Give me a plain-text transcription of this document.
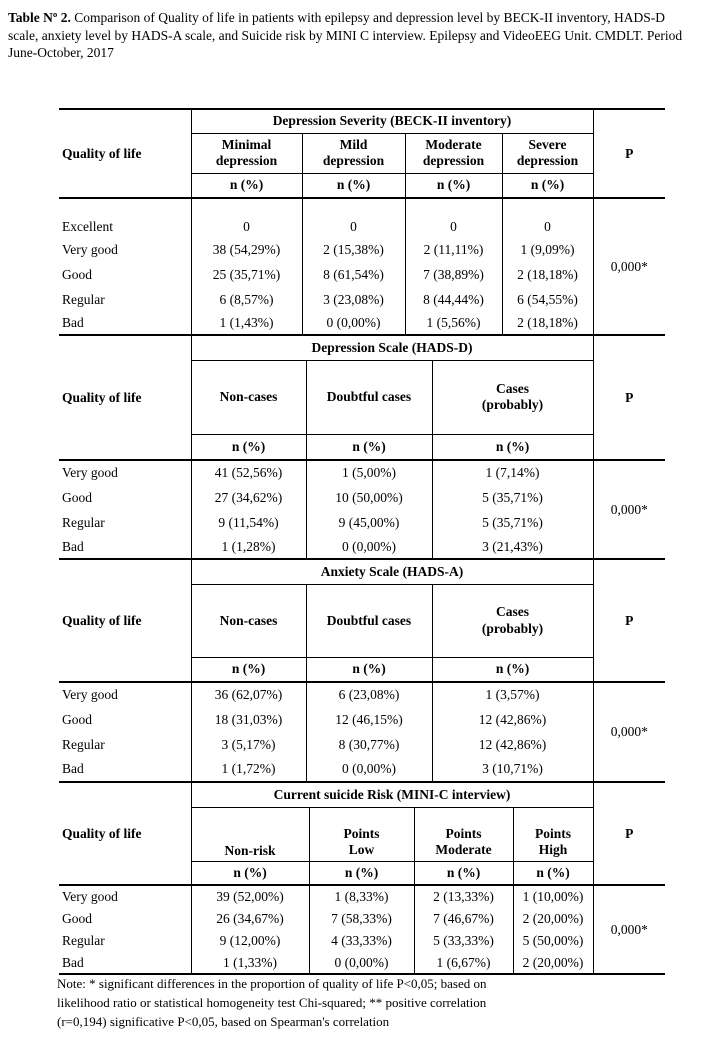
Table Nº 2. Comparison of Quality of life in patients with epilepsy and depression level by BECK-II inventory, HADS-D scale, anxiety level by HADS-A scale, and Suicide risk by MINI C interview. Epilepsy and VideoEEG Unit. CMDLT. Period June-October, 2017
Quality of life	Depression Severity (BECK-II inventory)				P
	Minimal depression	Mild depression	Moderate depression	Severe depression	
	n (%)	n (%)	n (%)	n (%)	
					0,000*
Excellent	0	0	0	0	
Very good	38 (54,29%)	2 (15,38%)	2 (11,11%)	1 (9,09%)	
Good	25 (35,71%)	8 (61,54%)	7 (38,89%)	2 (18,18%)	
Regular	6 (8,57%)	3 (23,08%)	8 (44,44%)	6 (54,55%)	
Bad	1 (1,43%)	0 (0,00%)	1 (5,56%)	2 (18,18%)	
Quality of life	Depression Scale (HADS-D)			P
	Non-cases	Doubtful cases	Cases (probably)	
	n (%)	n (%)	n (%)	
Very good	41 (52,56%)	1 (5,00%)	1 (7,14%)	0,000*
Good	27 (34,62%)	10 (50,00%)	5 (35,71%)	
Regular	9 (11,54%)	9 (45,00%)	5 (35,71%)	
Bad	1 (1,28%)	0 (0,00%)	3 (21,43%)	
Quality of life	Anxiety Scale (HADS-A)			P
	Non-cases	Doubtful cases	Cases (probably)	
	n (%)	n (%)	n (%)	
Very good	36 (62,07%)	6 (23,08%)	1 (3,57%)	0,000*
Good	18 (31,03%)	12 (46,15%)	12 (42,86%)	
Regular	3 (5,17%)	8 (30,77%)	12 (42,86%)	
Bad	1 (1,72%)	0 (0,00%)	3 (10,71%)	
Quality of life	Current suicide Risk (MINI-C interview)				P
	Non-risk	Points Low	Points Moderate	Points High	
	n (%)	n (%)	n (%)	n (%)	
Very good	39 (52,00%)	1 (8,33%)	2 (13,33%)	1 (10,00%)	0,000*
Good	26 (34,67%)	7 (58,33%)	7 (46,67%)	2 (20,00%)	
Regular	9 (12,00%)	4 (33,33%)	5 (33,33%)	5 (50,00%)	
Bad	1 (1,33%)	0 (0,00%)	1 (6,67%)	2 (20,00%)	
Note: * significant differences in the proportion of quality of life P<0,05; based on
likelihood ratio or statistical homogeneity test Chi-squared; ** positive correlation
(r=0,194) significative P<0,05, based on Spearman's correlation
